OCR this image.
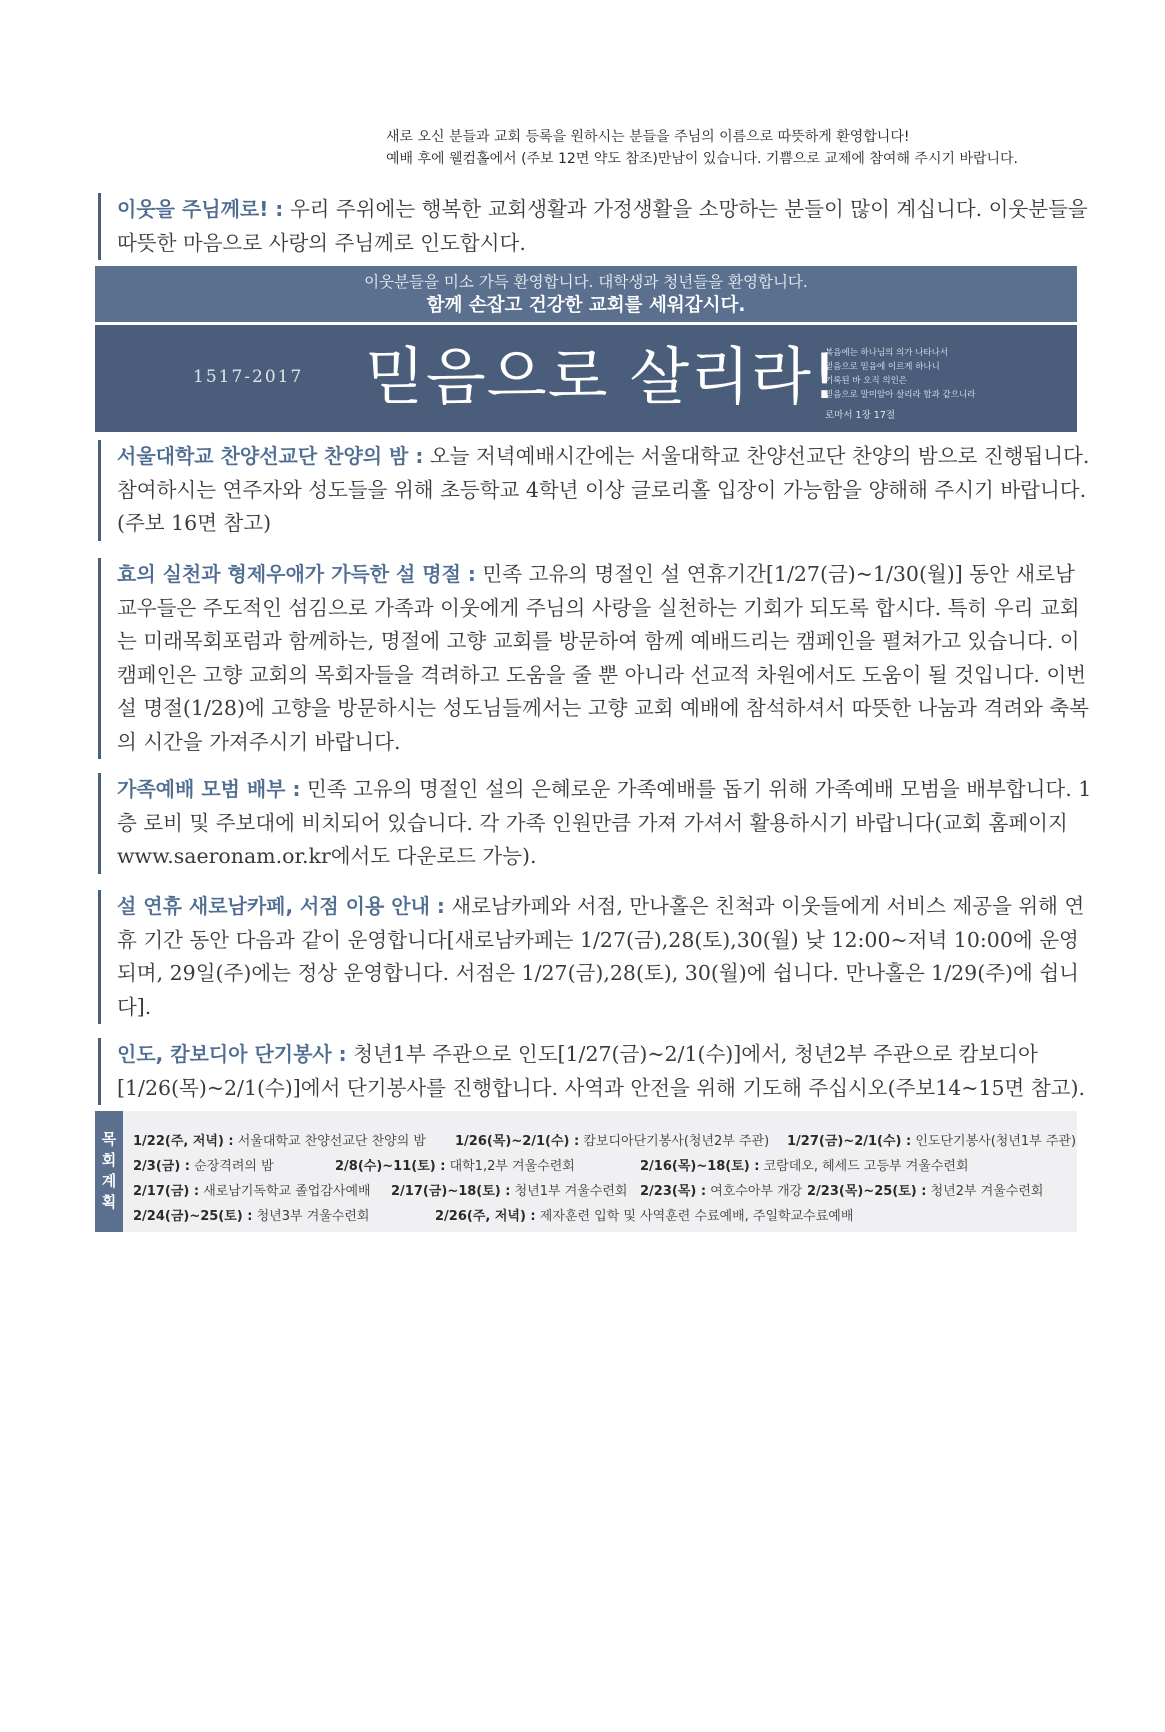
새로 오신 분들과 교회 등록을 원하시는 분들을 주님의 이름으로 따뜻하게 환영합니다!
예배 후에 웰컴홀에서 (주보 12면 약도 참조)만남이 있습니다. 기쁨으로 교제에 참여해 주시기 바랍니다.
이웃을 주님께로! : 우리 주위에는 행복한 교회생활과 가정생활을 소망하는 분들이 많이 계십니다. 이웃분들을 따뜻한 마음으로 사랑의 주님께로 인도합시다.
이웃분들을 미소 가득 환영합니다. 대학생과 청년들을 환영합니다.
함께 손잡고 건강한 교회를 세워갑시다.
1517-2017 믿음으로 살리라!
복음에는 하나님의 의가 나타나서
믿음으로 믿음에 이르게 하나니
기록된 바 오직 의인은
믿음으로 말미암아 살리라 함과 같으니라
로마서 1장 17절
서울대학교 찬양선교단 찬양의 밤 : 오늘 저녁예배시간에는 서울대학교 찬양선교단 찬양의 밤으로 진행됩니다. 참여하시는 연주자와 성도들을 위해 초등학교 4학년 이상 글로리홀 입장이 가능함을 양해해 주시기 바랍니다. (주보 16면 참고)
효의 실천과 형제우애가 가득한 설 명절 : 민족 고유의 명절인 설 연휴기간[1/27(금)~1/30(월)] 동안 새로남 교우들은 주도적인 섬김으로 가족과 이웃에게 주님의 사랑을 실천하는 기회가 되도록 합시다. 특히 우리 교회는 미래목회포럼과 함께하는, 명절에 고향 교회를 방문하여 함께 예배드리는 캠페인을 펼쳐가고 있습니다. 이 캠페인은 고향 교회의 목회자들을 격려하고 도움을 줄 뿐 아니라 선교적 차원에서도 도움이 될 것입니다. 이번 설 명절(1/28)에 고향을 방문하시는 성도님들께서는 고향 교회 예배에 참석하셔서 따뜻한 나눔과 격려와 축복의 시간을 가져주시기 바랍니다.
가족예배 모범 배부 : 민족 고유의 명절인 설의 은혜로운 가족예배를 돕기 위해 가족예배 모범을 배부합니다. 1층 로비 및 주보대에 비치되어 있습니다. 각 가족 인원만큼 가져 가셔서 활용하시기 바랍니다(교회 홈페이지 www.saeronam.or.kr에서도 다운로드 가능).
설 연휴 새로남카페, 서점 이용 안내 : 새로남카페와 서점, 만나홀은 친척과 이웃들에게 서비스 제공을 위해 연휴 기간 동안 다음과 같이 운영합니다[새로남카페는 1/27(금),28(토),30(월) 낮 12:00~저녁 10:00에 운영되며, 29일(주)에는 정상 운영합니다. 서점은 1/27(금),28(토), 30(월)에 쉽니다. 만나홀은 1/29(주)에 쉽니다].
인도, 캄보디아 단기봉사 : 청년1부 주관으로 인도[1/27(금)~2/1(수)]에서, 청년2부 주관으로 캄보디아[1/26(목)~2/1(수)]에서 단기봉사를 진행합니다. 사역과 안전을 위해 기도해 주십시오(주보14~15면 참고).
목
회
계
획
1/22(주, 저녁) : 서울대학교 찬양선교단 찬양의 밤 1/26(목)~2/1(수) : 캄보디아단기봉사(청년2부 주관) 1/27(금)~2/1(수) : 인도단기봉사(청년1부 주관)
2/3(금) : 순장격려의 밤	2/8(수)~11(토) : 대학1,2부 겨울수련회	2/16(목)~18(토) : 코람데오, 헤세드 고등부 겨울수련회
2/17(금) : 새로남기독학교 졸업감사예배 2/17(금)~18(토) : 청년1부 겨울수련회 2/23(목) : 여호수아부 개강 2/23(목)~25(토) : 청년2부 겨울수련회
2/24(금)~25(토) : 청년3부 겨울수련회	2/26(주, 저녁) : 제자훈련 입학 및 사역훈련 수료예배, 주일학교수료예배
